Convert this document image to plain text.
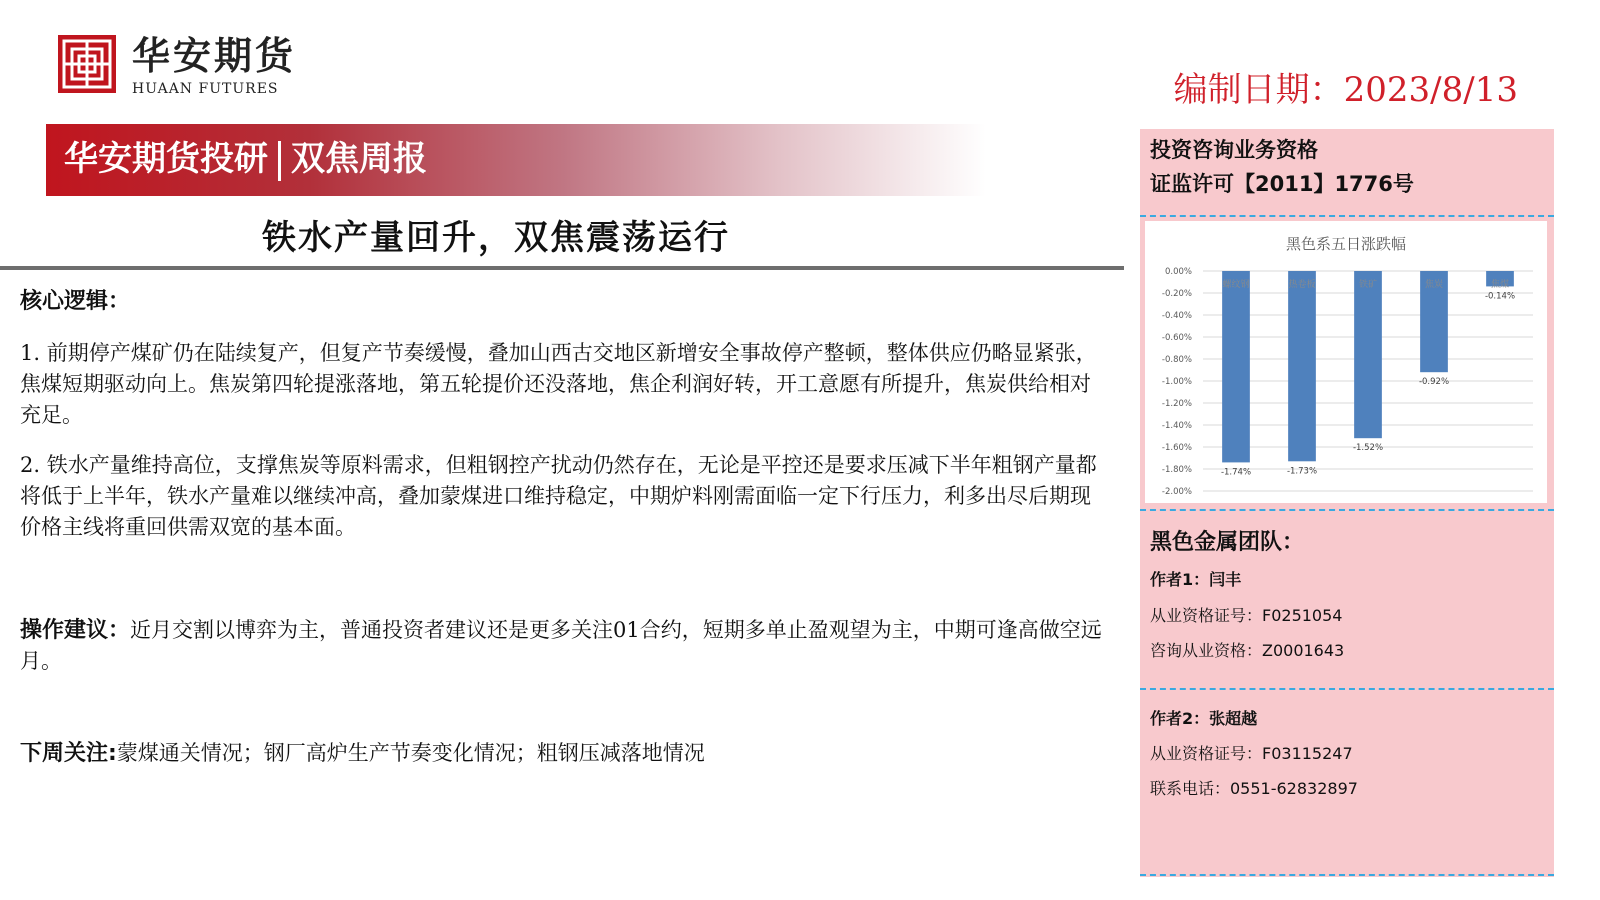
华安期货
HUAAN FUTURES	编制日期：2023/8/13
华安期货投研 双焦周报
铁水产量回升，双焦震荡运行
核心逻辑：
1. 前期停产煤矿仍在陆续复产，但复产节奏缓慢，叠加山西古交地区新增安全事故停产整顿，整体供应仍略显紧张，焦煤短期驱动向上。焦炭第四轮提涨落地，第五轮提价还没落地，焦企利润好转，开工意愿有所提升，焦炭供给相对充足。
2. 铁水产量维持高位，支撑焦炭等原料需求，但粗钢控产扰动仍然存在，无论是平控还是要求压减下半年粗钢产量都将低于上半年，铁水产量难以继续冲高，叠加蒙煤进口维持稳定，中期炉料刚需面临一定下行压力，利多出尽后期现价格主线将重回供需双宽的基本面。
操作建议：近月交割以博弈为主，普通投资者建议还是更多关注01合约，短期多单止盈观望为主，中期可逢高做空远月。
下周关注:蒙煤通关情况；钢厂高炉生产节奏变化情况；粗钢压减落地情况
投资咨询业务资格
证监许可【2011】1776号
黑色系五日涨跌幅
0.00%
-0.20%
-0.40%
-0.60%
-0.80%
-1.00%
-1.20%
-1.40%
-1.60%
-1.80%
-2.00%
螺纹钢
-1.74%
热卷板
-1.73%
铁矿
-1.52%
焦炭
-0.92%
焦煤
-0.14%
黑色金属团队：
作者1：闫丰
从业资格证号：F0251054
咨询从业资格：Z0001643
作者2：张超越
从业资格证号：F03115247
联系电话：0551-62832897
